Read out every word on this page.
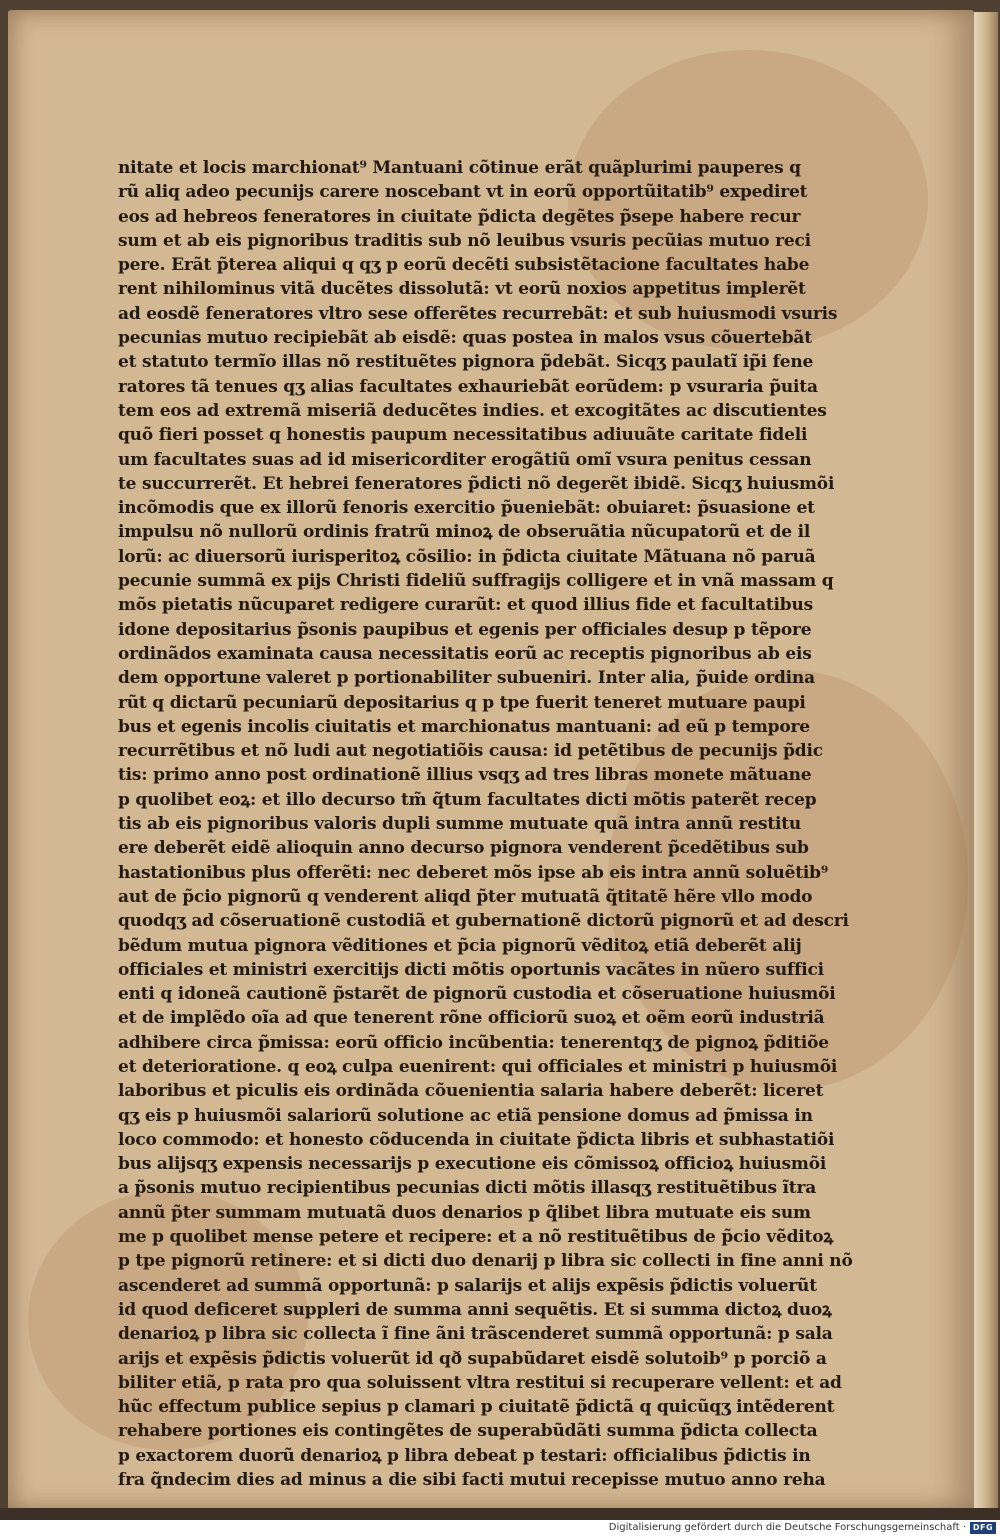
nitate et locis marchionat⁹ Mantuani cõtinue erãt quãplurimi pauperes q
rũ aliq adeo pecunijs carere noscebant vt in eorũ opportũitatib⁹ expediret
eos ad hebreos feneratores in ciuitate p̃dicta degẽtes p̃sepe habere recur
sum et ab eis pignoribus traditis sub nõ leuibus vsuris pecũias mutuo reci
pere. Erãt p̃terea aliqui q qʒ p eorũ decẽti subsistẽtacione facultates habe
rent nihilominus vitã ducẽtes dissolutã: vt eorũ noxios appetitus implerẽt
ad eosdẽ feneratores vltro sese offerẽtes recurrebãt: et sub huiusmodi vsuris
pecunias mutuo recipiebãt ab eisdẽ: quas postea in malos vsus cõuertebãt
et statuto termĩo illas nõ restituẽtes pignora p̃debãt. Sicqʒ paulatĩ ip̃i fene
ratores tã tenues qʒ alias facultates exhauriebãt eorũdem: p vsuraria p̃uita
tem eos ad extremã miseriã deducẽtes indies. et excogitãtes ac discutientes
quõ fieri posset q honestis paupum necessitatibus adiuuãte caritate fideli
um facultates suas ad id misericorditer erogãtiũ omĩ vsura penitus cessan
te succurrerẽt. Et hebrei feneratores p̃dicti nõ degerẽt ibidẽ. Sicqʒ huiusmõi
incõmodis que ex illorũ fenoris exercitio p̃ueniebãt: obuiaret: p̃suasione et
impulsu nõ nullorũ ordinis fratrũ minoꝝ de obseruãtia nũcupatorũ et de il
lorũ: ac diuersorũ iurisperitoꝝ cõsilio: in p̃dicta ciuitate Mãtuana nõ paruã
pecunie summã ex pijs Christi fideliũ suffragijs colligere et in vnã massam q
mõs pietatis nũcuparet redigere curarũt: et quod illius fide et facultatibus
idone depositarius p̃sonis paupibus et egenis per officiales desup p tẽpore
ordinãdos examinata causa necessitatis eorũ ac receptis pignoribus ab eis
dem opportune valeret p portionabiliter subueniri. Inter alia, p̃uide ordina
rũt q dictarũ pecuniarũ depositarius q p tpe fuerit teneret mutuare paupi
bus et egenis incolis ciuitatis et marchionatus mantuani: ad eũ p tempore
recurrẽtibus et nõ ludi aut negotiatiõis causa: id petẽtibus de pecunijs p̃dic
tis: primo anno post ordinationẽ illius vsqʒ ad tres libras monete mãtuane
p quolibet eoꝝ: et illo decurso tm̃ q̃tum facultates dicti mõtis paterẽt recep
tis ab eis pignoribus valoris dupli summe mutuate quã intra annũ restitu
ere deberẽt eidẽ alioquin anno decurso pignora venderent p̃cedẽtibus sub
hastationibus plus offerẽti: nec deberet mõs ipse ab eis intra annũ soluẽtib⁹
aut de p̃cio pignorũ q venderent aliqd p̃ter mutuatã q̃titatẽ hẽre vllo modo
quodqʒ ad cõseruationẽ custodiã et gubernationẽ dictorũ pignorũ et ad descri
bẽdum mutua pignora vẽditiones et p̃cia pignorũ vẽditoꝝ etiã deberẽt alij
officiales et ministri exercitijs dicti mõtis oportunis vacãtes in nũero suffici
enti q idoneã cautionẽ p̃starẽt de pignorũ custodia et cõseruatione huiusmõi
et de implẽdo oĩa ad que tenerent rõne officiorũ suoꝝ et oẽm eorũ industriã
adhibere circa p̃missa: eorũ officio incũbentia: tenerentqʒ de pignoꝝ p̃ditiõe
et deterioratione. q eoꝝ culpa euenirent: qui officiales et ministri p huiusmõi
laboribus et piculis eis ordinãda cõuenientia salaria habere deberẽt: liceret
qʒ eis p huiusmõi salariorũ solutione ac etiã pensione domus ad p̃missa in
loco commodo: et honesto cõducenda in ciuitate p̃dicta libris et subhastatiõi
bus alijsqʒ expensis necessarijs p executione eis cõmissoꝝ officioꝝ huiusmõi
a p̃sonis mutuo recipientibus pecunias dicti mõtis illasqʒ restituẽtibus ĩtra
annũ p̃ter summam mutuatã duos denarios p q̃libet libra mutuate eis sum
me p quolibet mense petere et recipere: et a nõ restituẽtibus de p̃cio vẽditoꝝ
p tpe pignorũ retinere: et si dicti duo denarij p libra sic collecti in fine anni nõ
ascenderet ad summã opportunã: p salarijs et alijs expẽsis p̃dictis voluerũt
id quod deficeret suppleri de summa anni sequẽtis. Et si summa dictoꝝ duoꝝ
denarioꝝ p libra sic collecta ĩ fine ãni trãscenderet summã opportunã: p sala
arijs et expẽsis p̃dictis voluerũt id qð supabũdaret eisdẽ solutoib⁹ p porciõ a
biliter etiã, p rata pro qua soluissent vltra restitui si recuperare vellent: et ad
hũc effectum publice sepius p clamari p ciuitatẽ p̃dictã q quicũqʒ intẽderent
rehabere portiones eis contingẽtes de superabũdãti summa p̃dicta collecta
p exactorem duorũ denarioꝝ p libra debeat p testari: officialibus p̃dictis in
fra q̃ndecim dies ad minus a die sibi facti mutui recepisse mutuo anno reha
Digitalisierung gefördert durch die Deutsche Forschungsgemeinschaft · DFG
